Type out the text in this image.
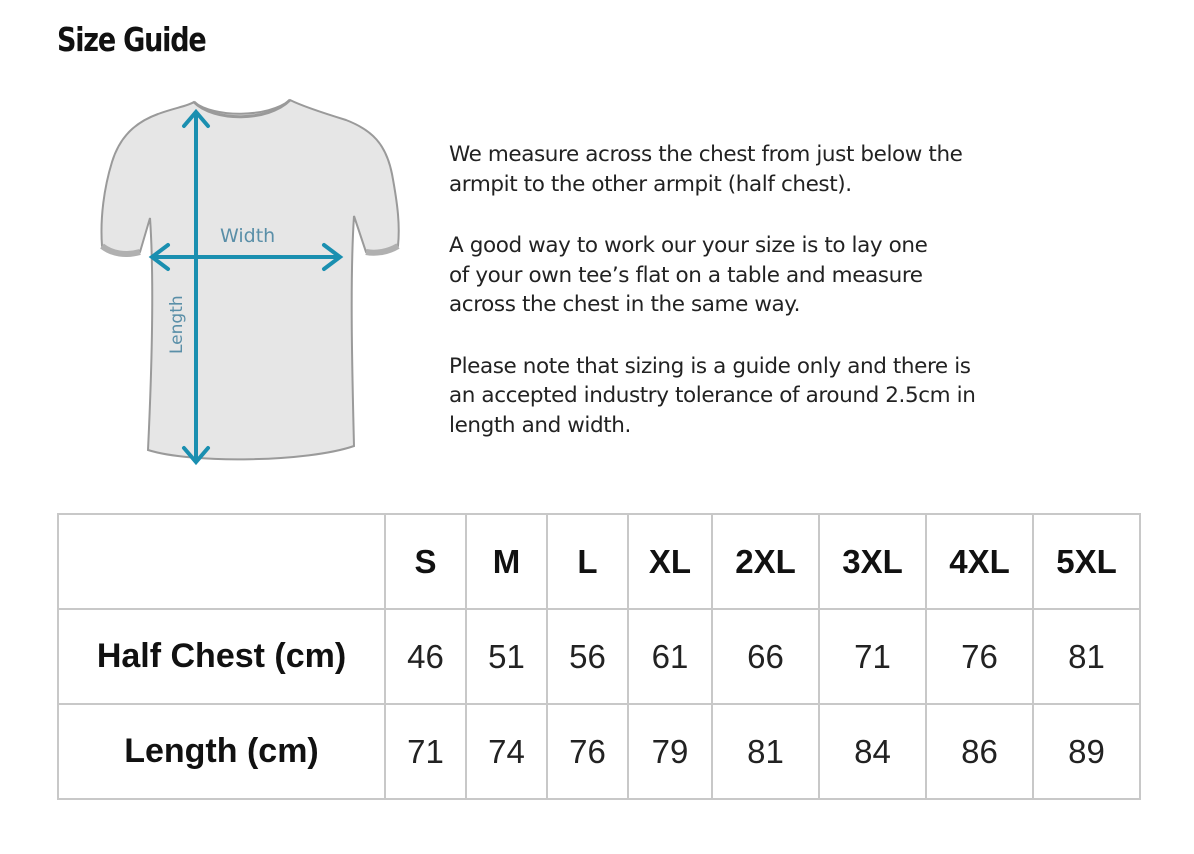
Size Guide
Width
Length

We measure across the chest from just below the
armpit to the other armpit (half chest).

A good way to work our your size is to lay one
of your own tee’s flat on a table and measure
across the chest in the same way.

Please note that sizing is a guide only and there is
an accepted industry tolerance of around 2.5cm in
length and width.

	S	M	L	XL	2XL	3XL	4XL	5XL
Half Chest (cm)	46	51	56	61	66	71	76	81
Length (cm)	71	74	76	79	81	84	86	89
